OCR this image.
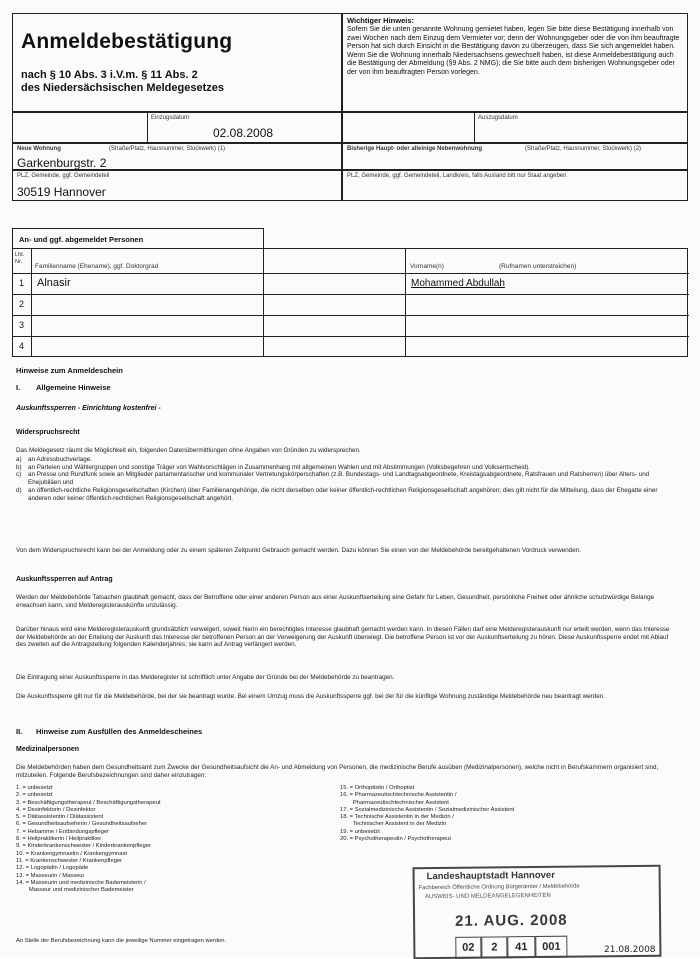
Anmeldebestätigung
nach § 10 Abs. 3 i.V.m. § 11 Abs. 2
des Niedersächsischen Meldegesetzes
Wichtiger Hinweis:
Sofern Sie die unten genannte Wohnung gemietet haben, legen Sie bitte diese Bestätigung innerhalb von zwei Wochen nach dem Einzug dem Vermieter vor; denn der Wohnungsgeber oder die von ihm beauftragte Person hat sich durch Einsicht in die Bestätigung davon zu überzeugen, dass Sie sich angemeldet haben. Wenn Sie die Wohnung innerhalb Niedersachsens gewechselt haben, ist diese Anmeldebestätigung auch die Bestätigung der Abmeldung (§9 Abs. 2 NMG); die Sie bitte auch dem bisherigen Wohnungsgeber oder der von ihm beauftragten Person vorlegen.
Einzugsdatum
02.08.2008
Auszugsdatum
Neue Wohnung	(Straße/Platz, Hausnummer, Stockwerk) (1)
Garkenburgstr. 2
Bisherige Haupt- oder alleinige Nebenwohnung	(Straße/Platz, Hausnummer, Stockwerk) (2)
PLZ, Gemeinde, ggf. Gemeindeteil
30519 Hannover
PLZ, Gemeinde, ggf. Gemeindeteil, Landkreis, falls Ausland bitt nur Staat angeben
An- und ggf. abgemeldet Personen
Lfd. Nr.
Familienname (Ehename), ggf. Doktorgrad	Vorname(n)	(Rufnamen unterstreichen)
1 Alnasir	Mohammed Abdullah
2
3
4
Hinweise zum Anmeldeschein
I. Allgemeine Hinweise
Auskunftssperren - Einrichtung kostenfrei -
Widerspruchsrecht
Das Meldegesetz räumt die Möglichkeit ein, folgenden Datenübermittlungen ohne Angaben von Gründen zu widersprechen.
a)	an Adressbuchverlage.
b)	an Parteien und Wählergruppen und sonstige Träger von Wahlvorschlägen in Zusammenhang mit allgemeinen Wahlen und mit Abstimmungen (Volksbegehren und Volksentscheid).
c)	an Presse und Rundfunk sowie an Mitglieder parlamentarischer und kommunaler Vertretungskörperschaften (z.B. Bundestags- und Landtagsabgeordnete, Kreistagsabgeordnete, Ratsfrauen und Ratsherren) über Alters- und Ehejubiläen und
d)	an öffentlich-rechtliche Religionsgesellschaften (Kirchen) über Familienangehörige, die nicht derselben oder keiner öffentlich-rechtlichen Religionsgesellschaft angehören; dies gilt nicht für die Mitteilung, dass der Ehegatte einer anderen oder keiner öffentlich-rechtlichen Religionsgesellschaft angehört.
Von dem Widerspruchsrecht kann bei der Anmeldung oder zu einem späteren Zeitpunkt Gebrauch gemacht werden. Dazu können Sie einen von der Meldebehörde bereitgehaltenen Vordruck verwenden.
Auskunftssperren auf Antrag
Werden der Meldebehörde Tatsachen glaubhaft gemacht, dass der Betroffene oder einer anderen Person aus einer Auskunftserteilung eine Gefahr für Leben, Gesundheit, persönliche Freiheit oder ähnliche schutzwürdige Belange erwachsen kann, sind Melderegisterauskünfte unzulässig.
Darüber hinaus wird eine Melderegisterauskunft grundsätzlich verweigert, soweit hierin ein berechtigtes Interesse glaubhaft gemacht werden kann. In diesen Fällen darf eine Melderegisterauskunft nur erteilt werden, wenn das Interesse der Meldebehörde an der Erteilung der Auskunft das Interesse der betroffenen Person an der Verweigerung der Auskunft überwiegt. Die betroffene Person ist vor der Auskunftserteilung zu hören. Diese Auskunftssperre endet mit Ablauf des zweiten auf die Antragstellung folgenden Kalenderjahres; sie kann auf Antrag verlängert werden.
Die Eintragung einer Auskunftssperre in das Melderegister ist schriftlich unter Angabe der Gründe bei der Meldebehörde zu beantragen.
Die Auskunftssperre gilt nur für die Meldebehörde, bei der sie beantragt wurde. Bei einem Umzug muss die Auskunftssperre ggf. bei der für die künftige Wohnung zuständige Meldebehörde neu beantragt werden.
II. Hinweise zum Ausfüllen des Anmeldescheines
Medizinalpersonen
Die Meldebehörden haben dem Gesundheitsamt zum Zwecke der Gesundheitsaufsicht die An- und Abmeldung von Personen, die medizinische Berufe ausüben (Medizinalpersonen), welche nicht in Berufskammern organisiert sind, mitzuteilen. Folgende Berufsbezeichnungen sind daher einzutragen:
1. = unbesetzt
2. = unbesetzt
3. = Beschäftigungstherapeut / Beschäftigungstherapeut
4. = Desinfektorin / Desinfektor
5. = Diätassistentin / Diätassistent
6. = Gesundheitsaufseherin / Gesundheitsaufseher
7. = Hebamme / Entbindungspfleger
8. = Heilpraktikerin / Heilpraktiker
9. = Kinderkrankenschwester / Kinderkrankenpfleger
10. = Krankengymnastin / Krankengymnast
11. = Krankenschwester / Krankenpfleger
12. = Logopädin / Logopäde
13. = Masseurin / Masseur
14. = Masseurin und medizinische Bademeisterin /
Masseur und medizinischer Bademeister
15. = Orthoptistin / Orthoptist
16. = Pharmazeutischtechnische Assistentin /
Pharmazeutischtechnischer Assistent
17. = Sozialmedizinische Assistentin / Sozialmedizinischer Assistent
18. = Technische Assistentin in der Medizin /
Technischer Assistent in der Medizin
19. = unbesetzt
20. = Psychotherapeutin / Psychotherapeut
An Stelle der Berufsbezeichnung kann die jeweilige Nummer eingetragen werden.
Landeshauptstadt Hannover
Fachbereich Öffentliche Ordnung Bürgerämter / Meldebehörde
AUSWEIS- UND MELDEANGELEGENHEITEN
21. AUG. 2008
02	2	41	001	21.08.2008
